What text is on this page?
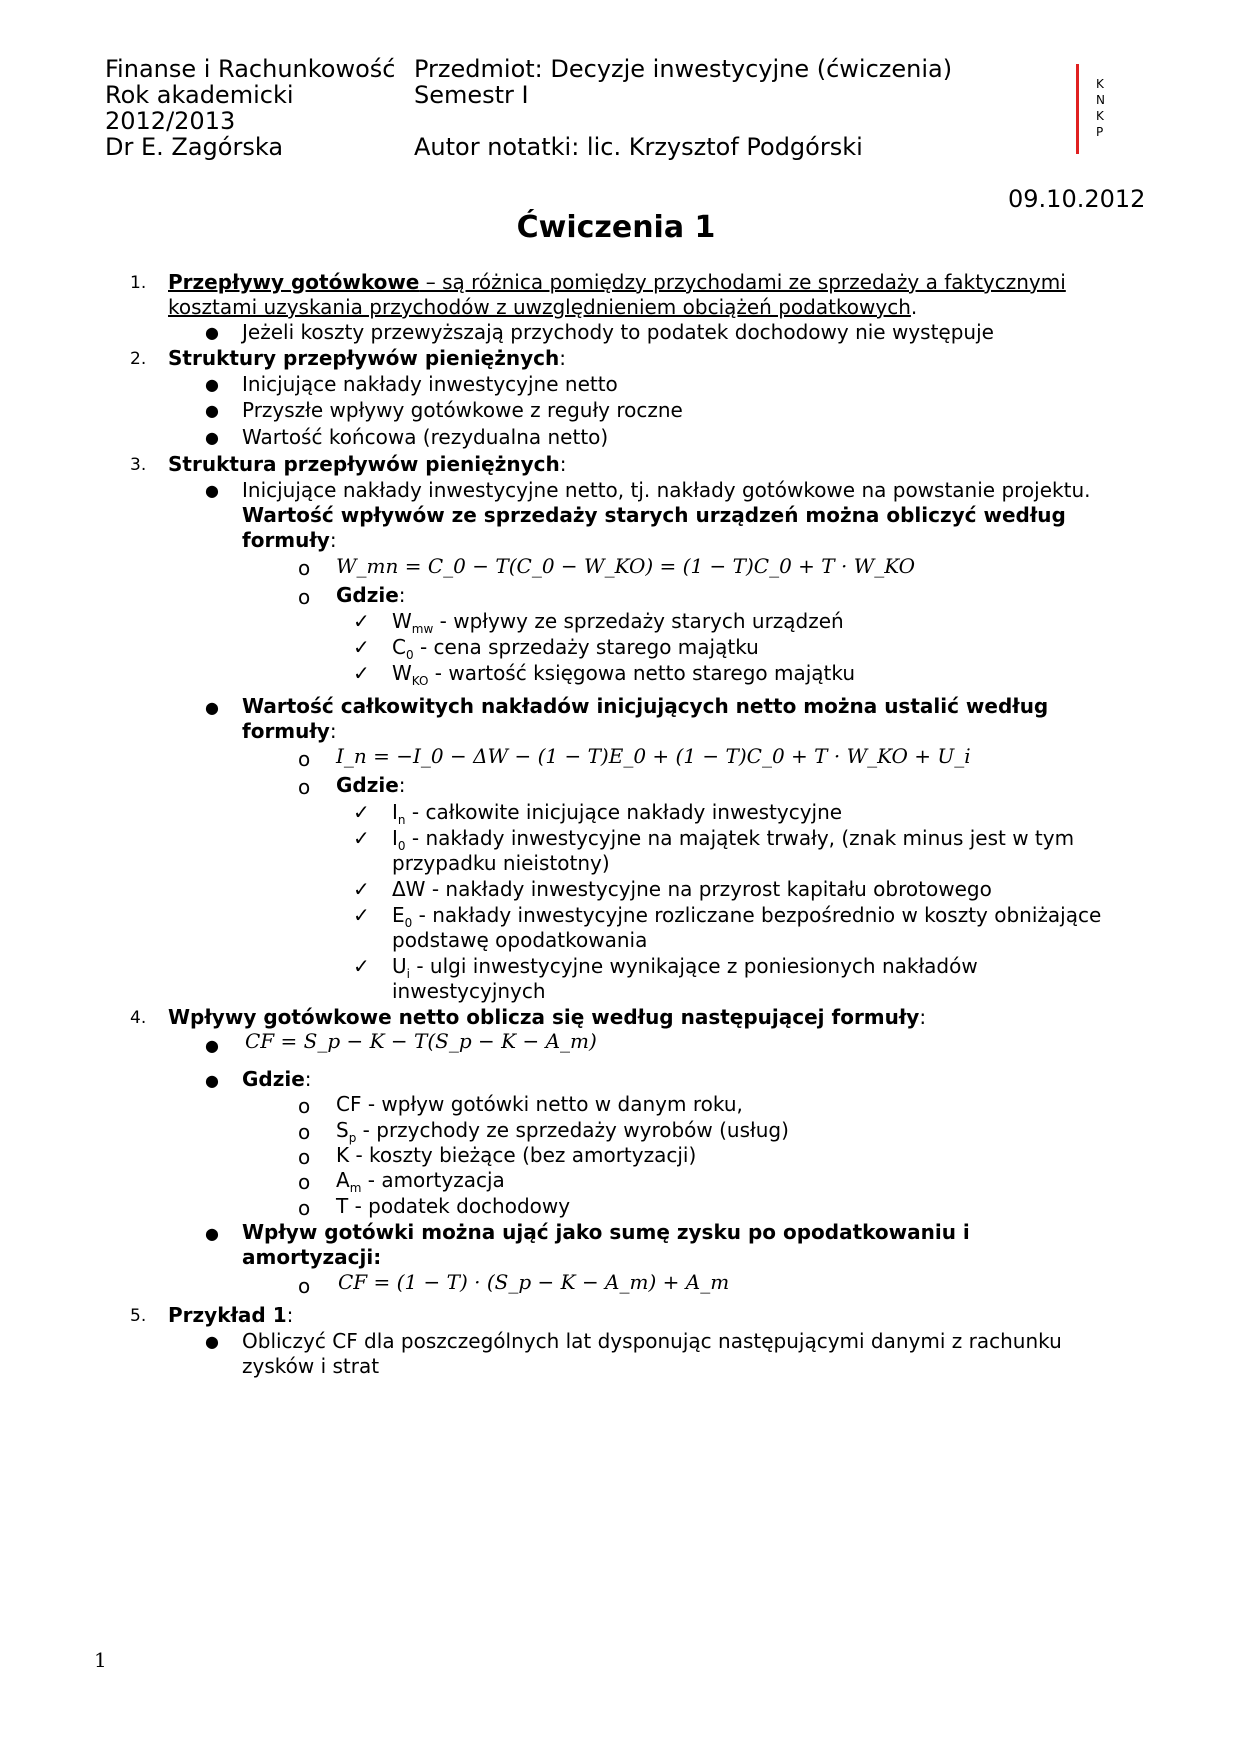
Finanse i Rachunkowość
Rok akademicki
2012/2013
Dr E. Zagórska
Przedmiot: Decyzje inwestycyjne (ćwiczenia)
Semestr I
Autor notatki: lic. Krzysztof Podgórski
K
N
K
P
09.10.2012
Ćwiczenia 1
1. Przepływy gotówkowe – są różnica pomiędzy przychodami ze sprzedaży a faktycznymi
kosztami uzyskania przychodów z uwzględnieniem obciążeń podatkowych.
● Jeżeli koszty przewyższają przychody to podatek dochodowy nie występuje
2. Struktury przepływów pieniężnych:
● Inicjujące nakłady inwestycyjne netto
● Przyszłe wpływy gotówkowe z reguły roczne
● Wartość końcowa (rezydualna netto)
3. Struktura przepływów pieniężnych:
● Inicjujące nakłady inwestycyjne netto, tj. nakłady gotówkowe na powstanie projektu.
Wartość wpływów ze sprzedaży starych urządzeń można obliczyć według
formuły:
o W_mn = C_0 − T(C_0 − W_KO) = (1 − T)C_0 + T · W_KO
o Gdzie:
✓ $W_{mw}$ - wpływy ze sprzedaży starych urządzeń
✓ $C_0$ - cena sprzedaży starego majątku
✓ $W_{KO}$ - wartość księgowa netto starego majątku
● Wartość całkowitych nakładów inicjujących netto można ustalić według
formuły:
o I_n = −I_0 − ΔW − (1 − T)E_0 + (1 − T)C_0 + T · W_KO + U_i
o Gdzie:
✓ $I_n$ - całkowite inicjujące nakłady inwestycyjne
✓ $I_0$ - nakłady inwestycyjne na majątek trwały, (znak minus jest w tym
przypadku nieistotny)
✓ ΔW - nakłady inwestycyjne na przyrost kapitału obrotowego
✓ $E_0$ - nakłady inwestycyjne rozliczane bezpośrednio w koszty obniżające
podstawę opodatkowania
✓ $U_i$ - ulgi inwestycyjne wynikające z poniesionych nakładów
inwestycyjnych
4. Wpływy gotówkowe netto oblicza się według następującej formuły:
● CF = S_p − K − T(S_p − K − A_m)
● Gdzie:
o CF - wpływ gotówki netto w danym roku,
o $S_p$ - przychody ze sprzedaży wyrobów (usług)
o K - koszty bieżące (bez amortyzacji)
o $A_m$ - amortyzacja
o T - podatek dochodowy
● Wpływ gotówki można ująć jako sumę zysku po opodatkowaniu i
amortyzacji:
o CF = (1 − T) · (S_p − K − A_m) + A_m
5. Przykład 1:
● Obliczyć CF dla poszczególnych lat dysponując następującymi danymi z rachunku
zysków i strat
1
